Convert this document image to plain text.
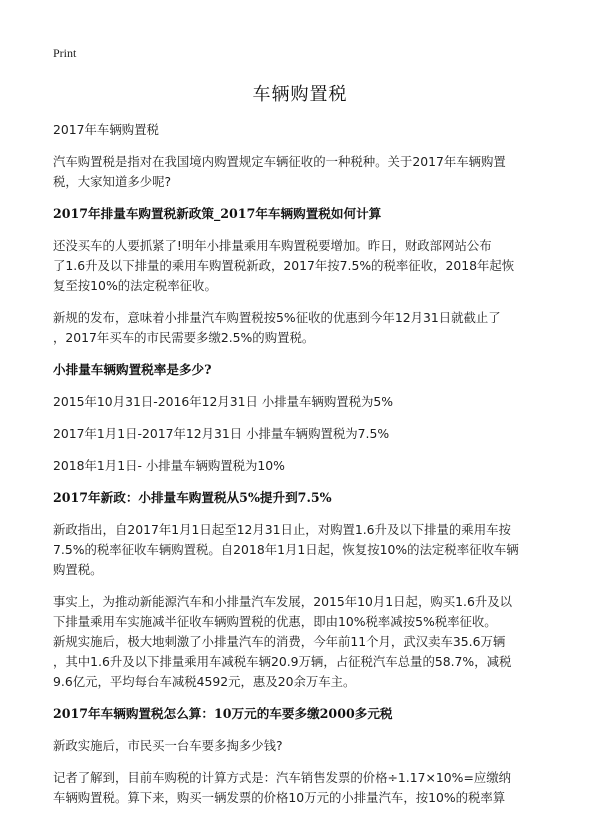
Print
车辆购置税
2017年车辆购置税
汽车购置税是指对在我国境内购置规定车辆征收的一种税种。关于2017年车辆购置
税，大家知道多少呢?
2017年排量车购置税新政策_2017年车辆购置税如何计算
还没买车的人要抓紧了!明年小排量乘用车购置税要增加。昨日，财政部网站公布
了1.6升及以下排量的乘用车购置税新政，2017年按7.5%的税率征收，2018年起恢
复至按10%的法定税率征收。
新规的发布，意味着小排量汽车购置税按5%征收的优惠到今年12月31日就截止了
，2017年买车的市民需要多缴2.5%的购置税。
小排量车辆购置税率是多少?
2015年10月31日-2016年12月31日 小排量车辆购置税为5%
2017年1月1日-2017年12月31日 小排量车辆购置税为7.5%
2018年1月1日- 小排量车辆购置税为10%
2017年新政：小排量车购置税从5%提升到7.5%
新政指出，自2017年1月1日起至12月31日止，对购置1.6升及以下排量的乘用车按
7.5%的税率征收车辆购置税。自2018年1月1日起，恢复按10%的法定税率征收车辆
购置税。
事实上，为推动新能源汽车和小排量汽车发展，2015年10月1日起，购买1.6升及以
下排量乘用车实施减半征收车辆购置税的优惠，即由10%税率减按5%税率征收。
新规实施后，极大地刺激了小排量汽车的消费，今年前11个月，武汉卖车35.6万辆
，其中1.6升及以下排量乘用车减税车辆20.9万辆，占征税汽车总量的58.7%，减税
9.6亿元，平均每台车减税4592元，惠及20余万车主。
2017年车辆购置税怎么算：10万元的车要多缴2000多元税
新政实施后，市民买一台车要多掏多少钱?
记者了解到，目前车购税的计算方式是：汽车销售发票的价格÷1.17×10%=应缴纳
车辆购置税。算下来，购买一辆发票的价格10万元的小排量汽车，按10%的税率算
